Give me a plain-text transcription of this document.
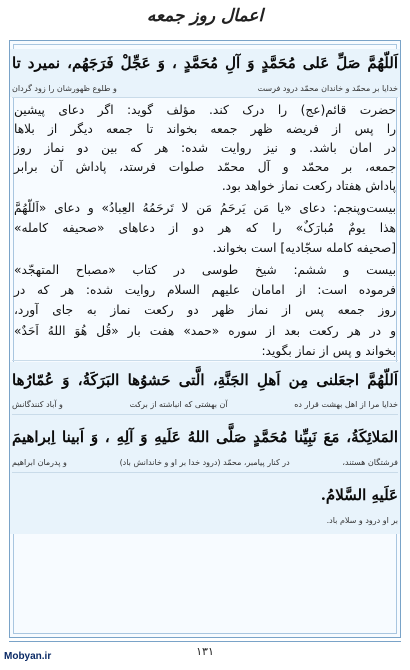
اعمال روز جمعه
اَللّهُمَّ صَلِّ عَلى مُحَمَّدٍ وَ آلِ مُحَمَّدٍ ، وَ عَجِّلْ فَرَجَهُم، نميرد تا
خدایا بر محمّد و خاندان محمّد درود فرست
و طلوع ظهورشان را زود گردان
حضرت قائم(عج) را درک کند. مؤلف گوید: اگر دعای پیشین
را پس از فریضه ظهر جمعه بخواند تا جمعه دیگر از بلاها
در امان باشد. و نیز روایت شده: هر که بین دو نماز روز
جمعه، بر محمّد و آل محمّد صلوات فرستد، پاداش آن برابر
پاداش هفتاد رکعت نماز خواهد بود.
بیست‌وپنجم: دعای «یا مَن یَرحَمُ مَن لا تَرحَمُهُ العِبادُ» و دعای «اَللّهُمَّ
هذا یومٌ مُبارَکٌ» را که هر دو از دعاهای «صحیفه کامله»
[صحیفه کامله سجّادیه] است بخواند.
بیست و ششم: شیخ طوسی در کتاب «مصباح المتهجّد»
فرموده است: از امامان علیهم السلام روایت شده: هر که در
روز جمعه پس از نماز ظهر دو رکعت نماز به جای آورد،
و در هر رکعت بعد از سوره «حمد» هفت بار «قُل هُوَ اللهُ اَحَدٌ»
بخواند و پس از نماز بگوید:
اَللّهُمَّ اجعَلنی مِن اَهلِ الجَنَّةِ، الَّتی حَشوُها البَرَکَةُ، وَ عُمّارُها
خدایا مرا از اهل بهشت قرار ده
آن بهشتی که انباشته از برکت
و آباد کنندگانش
المَلائِکَةُ، مَعَ نَبِیِّنا مُحَمَّدٍ صَلَّی اللهُ عَلَیهِ وَ آلِهِ ، وَ اَبینا اِبراهیمَ
فرشتگان هستند،
در کنار پیامبر، محمّد (درود خدا بر او و خاندانش باد)
و پدرمان ابراهیم
عَلَیهِ السَّلامُ.
بر او درود و سلام باد.
Mobyan.ir	۱۳۱
